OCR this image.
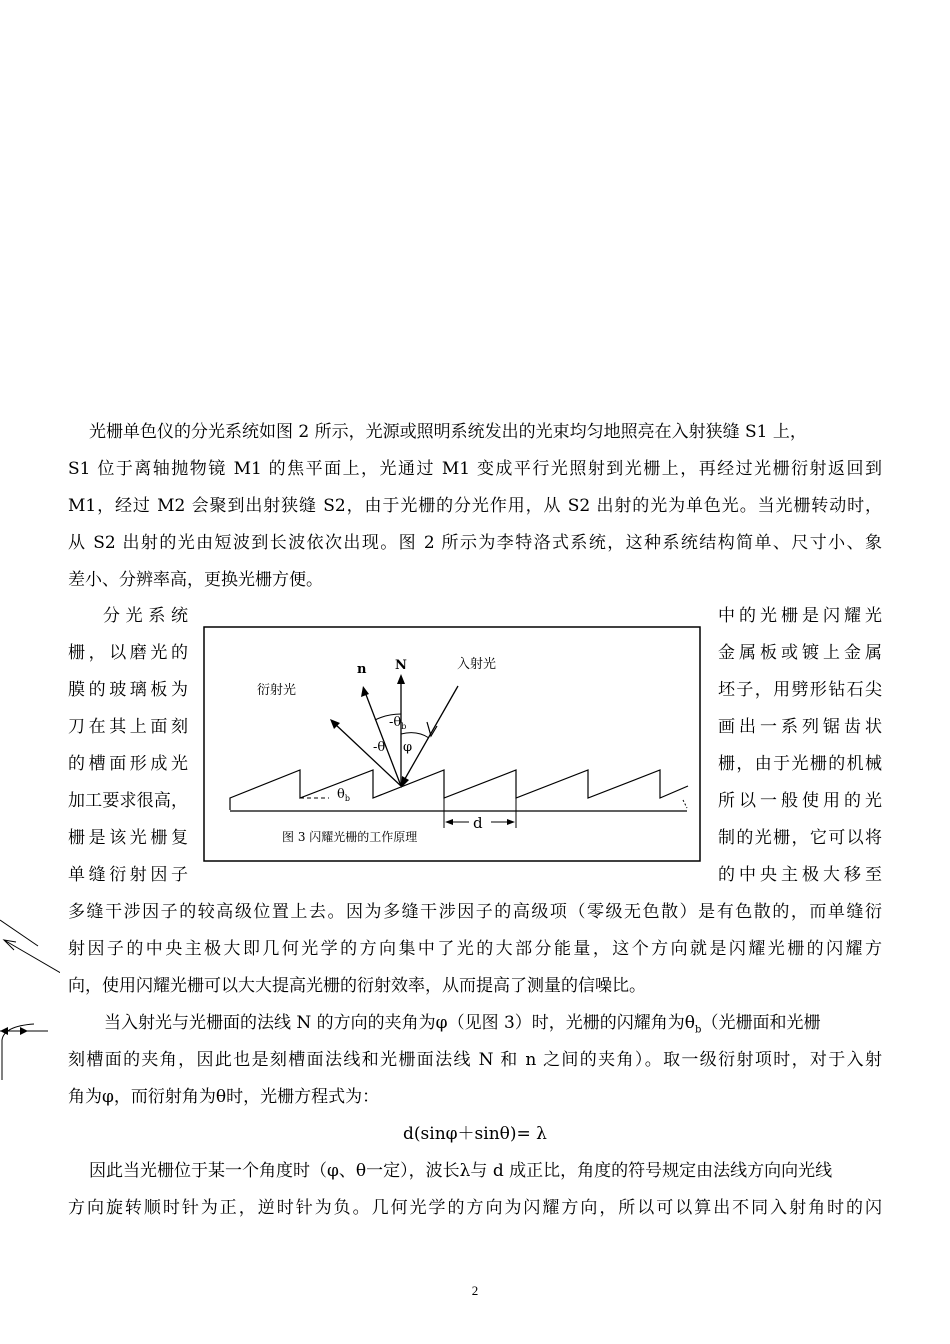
光栅单色仪的分光系统如图 2 所示，光源或照明系统发出的光束均匀地照亮在入射狭缝 S1 上，
S1 位于离轴抛物镜 M1 的焦平面上，光通过 M1 变成平行光照射到光栅上，再经过光栅衍射返回到
M1，经过 M2 会聚到出射狭缝 S2，由于光栅的分光作用，从 S2 出射的光为单色光。当光栅转动时，
从 S2 出射的光由短波到长波依次出现。图 2 所示为李特洛式系统，这种系统结构简单、尺寸小、象
差小、分辨率高，更换光栅方便。
分光系统
栅，以磨光的
膜的玻璃板为
刀在其上面刻
的槽面形成光
加工要求很高，
栅是该光栅复
单缝衍射因子
中的光栅是闪耀光
金属板或镀上金属
坯子，用劈形钻石尖
画出一系列锯齿状
栅，由于光栅的机械
所以一般使用的光
制的光栅，它可以将
的中央主极大移至
$\theta_b$
N
n
衍射光
入射光
$-\theta_b$
-θ φ
d
图 3 闪耀光栅的工作原理
多缝干涉因子的较高级位置上去。因为多缝干涉因子的高级项（零级无色散）是有色散的，而单缝衍
射因子的中央主极大即几何光学的方向集中了光的大部分能量，这个方向就是闪耀光栅的闪耀方
向，使用闪耀光栅可以大大提高光栅的衍射效率，从而提高了测量的信噪比。
当入射光与光栅面的法线 N 的方向的夹角为φ（见图 3）时，光栅的闪耀角为$\theta_b$（光栅面和光栅
刻槽面的夹角，因此也是刻槽面法线和光栅面法线 N 和 n 之间的夹角）。取一级衍射项时，对于入射
角为φ，而衍射角为θ时，光栅方程式为：
d(sinφ＋sinθ)= λ
因此当光栅位于某一个角度时（φ、θ一定），波长λ与 d 成正比，角度的符号规定由法线方向向光线
方向旋转顺时针为正，逆时针为负。几何光学的方向为闪耀方向，所以可以算出不同入射角时的闪
2
